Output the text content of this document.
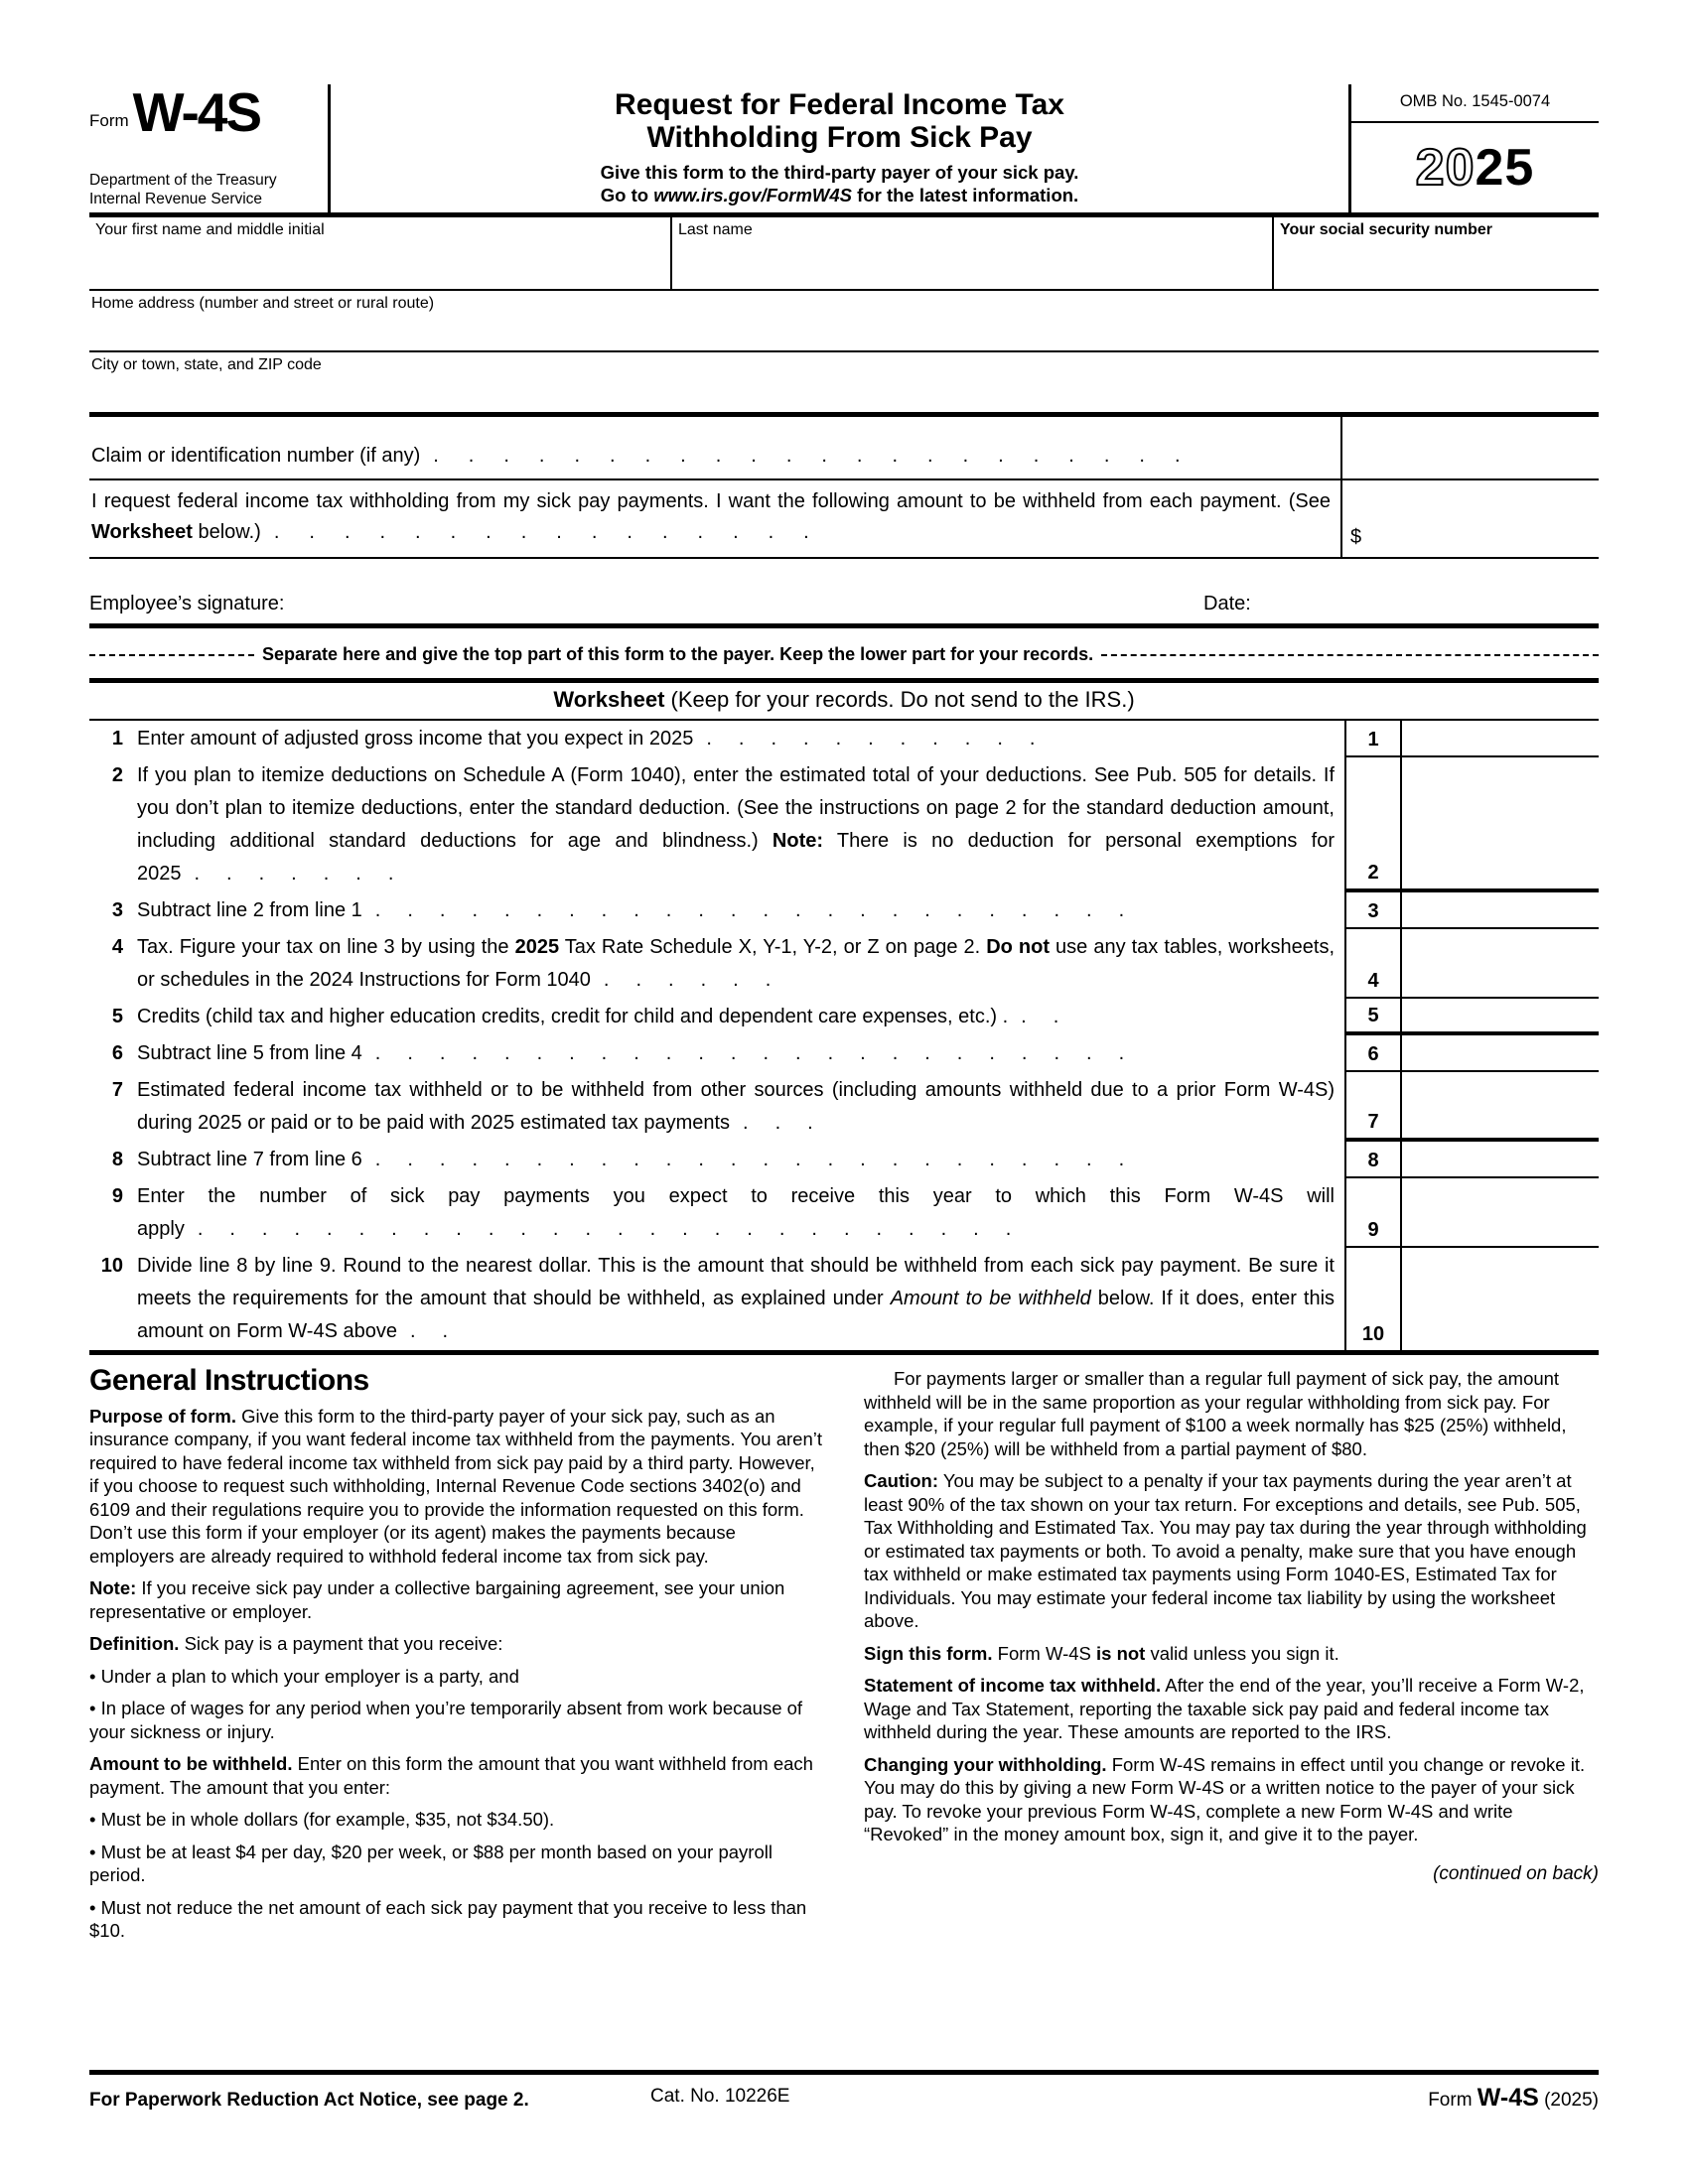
Form W-4S
Department of the Treasury
Internal Revenue Service
Request for Federal Income Tax
Withholding From Sick Pay
Give this form to the third-party payer of your sick pay.
Go to www.irs.gov/FormW4S for the latest information.
OMB No. 1545-0074
2025
Your first name and middle initial	Last name	Your social security number
Home address (number and street or rural route)
City or town, state, and ZIP code
Claim or identification number (if any) ......................
I request federal income tax withholding from my sick pay payments. I want the following amount to be withheld from each payment. (See Worksheet below.) ................	$
Employee’s signature:	Date:
Separate here and give the top part of this form to the payer. Keep the lower part for your records.
Worksheet (Keep for your records. Do not send to the IRS.)
1 Enter amount of adjusted gross income that you expect in 2025 ...........	1
2 If you plan to itemize deductions on Schedule A (Form 1040), enter the estimated total of your deductions. See Pub. 505 for details. If you don’t plan to itemize deductions, enter the standard deduction. (See the instructions on page 2 for the standard deduction amount, including additional standard deductions for age and blindness.) Note: There is no deduction for personal exemptions for 2025 .......	2
3 Subtract line 2 from line 1 ........................	3
4 Tax. Figure your tax on line 3 by using the 2025 Tax Rate Schedule X, Y-1, Y-2, or Z on page 2. Do not use any tax tables, worksheets, or schedules in the 2024 Instructions for Form 1040 ......	4
5 Credits (child tax and higher education credits, credit for child and dependent care expenses, etc.) . ..	5
6 Subtract line 5 from line 4 ........................	6
7 Estimated federal income tax withheld or to be withheld from other sources (including amounts withheld due to a prior Form W-4S) during 2025 or paid or to be paid with 2025 estimated tax payments ...	7
8 Subtract line 7 from line 6 ........................	8
9 Enter the number of sick pay payments you expect to receive this year to which this Form W-4S will apply ..........................	9
10 Divide line 8 by line 9. Round to the nearest dollar. This is the amount that should be withheld from each sick pay payment. Be sure it meets the requirements for the amount that should be withheld, as explained under Amount to be withheld below. If it does, enter this amount on Form W-4S above ..	10
General Instructions

Purpose of form. Give this form to the third-party payer of your sick pay, such as an insurance company, if you want federal income tax withheld from the payments. You aren’t required to have federal income tax withheld from sick pay paid by a third party. However, if you choose to request such withholding, Internal Revenue Code sections 3402(o) and 6109 and their regulations require you to provide the information requested on this form. Don’t use this form if your employer (or its agent) makes the payments because employers are already required to withhold federal income tax from sick pay.

Note: If you receive sick pay under a collective bargaining agreement, see your union representative or employer.

Definition. Sick pay is a payment that you receive:

• Under a plan to which your employer is a party, and

• In place of wages for any period when you’re temporarily absent from work because of your sickness or injury.

Amount to be withheld. Enter on this form the amount that you want withheld from each payment. The amount that you enter:

• Must be in whole dollars (for example, $35, not $34.50).

• Must be at least $4 per day, $20 per week, or $88 per month based on your payroll period.

• Must not reduce the net amount of each sick pay payment that you receive to less than $10.

For payments larger or smaller than a regular full payment of sick pay, the amount withheld will be in the same proportion as your regular withholding from sick pay. For example, if your regular full payment of $100 a week normally has $25 (25%) withheld, then $20 (25%) will be withheld from a partial payment of $80.

Caution: You may be subject to a penalty if your tax payments during the year aren’t at least 90% of the tax shown on your tax return. For exceptions and details, see Pub. 505, Tax Withholding and Estimated Tax. You may pay tax during the year through withholding or estimated tax payments or both. To avoid a penalty, make sure that you have enough tax withheld or make estimated tax payments using Form 1040-ES, Estimated Tax for Individuals. You may estimate your federal income tax liability by using the worksheet above.

Sign this form. Form W-4S is not valid unless you sign it.

Statement of income tax withheld. After the end of the year, you’ll receive a Form W-2, Wage and Tax Statement, reporting the taxable sick pay paid and federal income tax withheld during the year. These amounts are reported to the IRS.

Changing your withholding. Form W-4S remains in effect until you change or revoke it. You may do this by giving a new Form W-4S or a written notice to the payer of your sick pay. To revoke your previous Form W-4S, complete a new Form W-4S and write “Revoked” in the money amount box, sign it, and give it to the payer.

(continued on back)

For Paperwork Reduction Act Notice, see page 2.	Cat. No. 10226E	Form W-4S (2025)
